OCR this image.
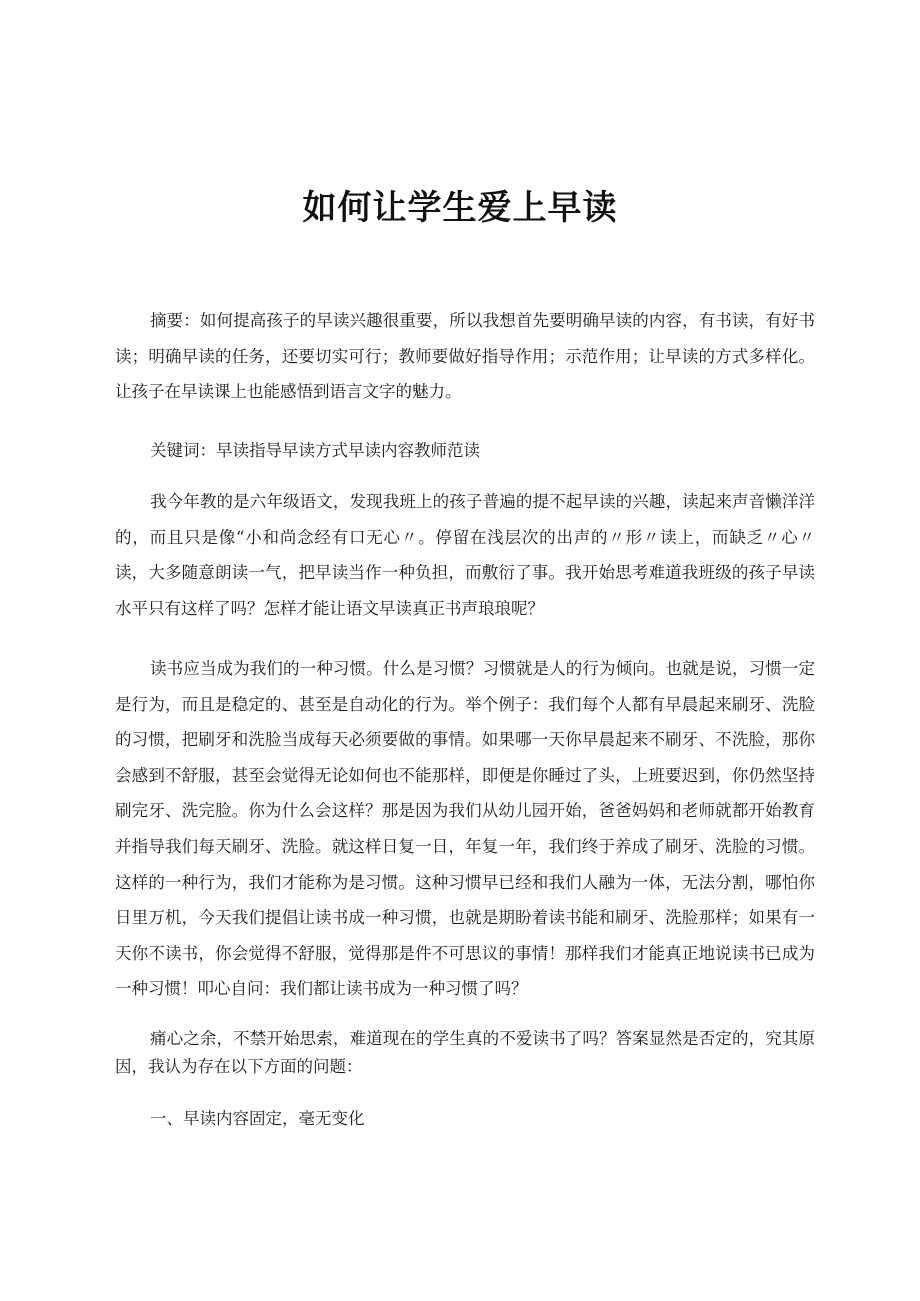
如何让学生爱上早读

摘要：如何提高孩子的早读兴趣很重要，所以我想首先要明确早读的内容，有书读，有好书读；明确早读的任务，还要切实可行；教师要做好指导作用；示范作用；让早读的方式多样化。让孩子在早读课上也能感悟到语言文字的魅力。

关键词：早读指导早读方式早读内容教师范读

我今年教的是六年级语文，发现我班上的孩子普遍的提不起早读的兴趣，读起来声音懒洋洋的，而且只是像“小和尚念经有口无心〃。停留在浅层次的出声的〃形〃读上，而缺乏〃心〃读，大多随意朗读一气，把早读当作一种负担，而敷衍了事。我开始思考难道我班级的孩子早读水平只有这样了吗？怎样才能让语文早读真正书声琅琅呢？

读书应当成为我们的一种习惯。什么是习惯？习惯就是人的行为倾向。也就是说，习惯一定是行为，而且是稳定的、甚至是自动化的行为。举个例子：我们每个人都有早晨起来刷牙、洗脸的习惯，把刷牙和洗脸当成每天必须要做的事情。如果哪一天你早晨起来不刷牙、不洗脸，那你会感到不舒服，甚至会觉得无论如何也不能那样，即便是你睡过了头，上班要迟到，你仍然坚持刷完牙、洗完脸。你为什么会这样？那是因为我们从幼儿园开始，爸爸妈妈和老师就都开始教育并指导我们每天刷牙、洗脸。就这样日复一日，年复一年，我们终于养成了刷牙、洗脸的习惯。这样的一种行为，我们才能称为是习惯。这种习惯早已经和我们人融为一体，无法分割，哪怕你日里万机，今天我们提倡让读书成一种习惯，也就是期盼着读书能和刷牙、洗脸那样；如果有一天你不读书，你会觉得不舒服，觉得那是件不可思议的事情！那样我们才能真正地说读书已成为一种习惯！叩心自问：我们都让读书成为一种习惯了吗？

痛心之余，不禁开始思索，难道现在的学生真的不爱读书了吗？答案显然是否定的，究其原因，我认为存在以下方面的问题：

一、早读内容固定，毫无变化
